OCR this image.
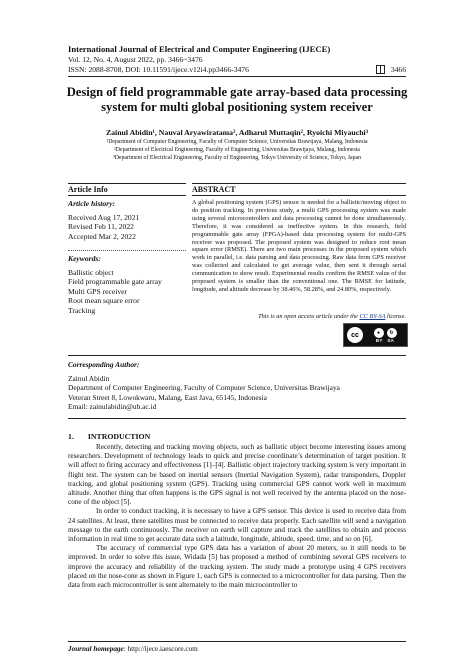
International Journal of Electrical and Computer Engineering (IJECE)
Vol. 12, No. 4, August 2022, pp. 3466~3476
ISSN: 2088-8708, DOI: 10.11591/ijece.v12i4.pp3466-3476	3466
Design of field programmable gate array-based data processing
system for multi global positioning system receiver
Zainul Abidin¹, Nauval Aryawiratama², Adharul Muttaqin², Ryoichi Miyauchi³
¹Department of Computer Engineering, Faculty of Computer Science, Universitas Brawijaya, Malang, Indonesia
²Department of Electrical Engineering, Faculty of Engineering, Universitas Brawijaya, Malang, Indonesia
³Department of Electrical Engineering, Faculty of Engineering, Tokyo University of Science, Tokyo, Japan
Article Info	ABSTRACT
Article history:
Received Aug 17, 2021
Revised Feb 11, 2022
Accepted Mar 2, 2022
Keywords:
Ballistic object
Field programmable gate array
Multi GPS receiver
Root mean square error
Tracking
A global positioning system (GPS) sensor is needed for a ballistic/moving object to do position tracking. In previous study, a multi GPS processing system was made using several microcontrollers and data processing cannot be done simultaneously. Therefore, it was considered as ineffective system. In this research, field programmable gate array (FPGA)-based data processing system for multi-GPS receiver was proposed. The proposed system was designed to reduce root mean square error (RMSE). There are two main processes in the proposed system which work in parallel, i.e. data parsing and data processing. Raw data from GPS receiver was collected and calculated to get average value, then sent it through serial communication to show result. Experimental results confirm the RMSE value of the proposed system is smaller than the conventional one. The RMSE for latitude, longitude, and altitude decrease by 38.46%, 58.28%, and 24.80%, respectively.
This is an open access article under the CC BY-SA license.
cc	●	↻
BY SA
Corresponding Author:
Zainul Abidin
Department of Computer Engineering, Faculty of Computer Science, Universitas Brawijaya
Veteran Street 8, Lowokwaru, Malang, East Java, 65145, Indonesia
Email: zainulabidin@ub.ac.id
1. INTRODUCTION

Recently, detecting and tracking moving objects, such as ballistic object become interesting issues among researchers. Development of technology leads to quick and precise coordinate’s determination of target position. It will affect to firing accuracy and effectiveness [1]–[4]. Ballistic object trajectory tracking system is very important in flight test. The system can be based on inertial sensors (Inertial Navigation System), radar transponders, Doppler tracking, and global positioning system (GPS). Tracking using commercial GPS cannot work well in maximum altitude. Another thing that often happens is the GPS signal is not well received by the antenna placed on the nose-cone of the object [5].

In order to conduct tracking, it is necessary to have a GPS sensor. This device is used to receive data from 24 satellites. At least, three satellites must be connected to receive data properly. Each satellite will send a navigation message to the earth continuously. The receiver on earth will capture and track the satellites to obtain and process information in real time to get accurate data such a latitude, longitude, altitude, speed, time, and so on [6].

The accuracy of commercial type GPS data has a variation of about 20 meters, so it still needs to be improved. In order to solve this issue, Widada [5] has proposed a method of combining several GPS receivers to improve the accuracy and reliability of the tracking system. The study made a prototype using 4 GPS receivers placed on the nose-cone as shown in Figure 1, each GPS is connected to a microcontroller for data parsing. Then the data from each microcontroller is sent alternately to the main microcontroller to

Journal homepage: http://ijece.iaescore.com
